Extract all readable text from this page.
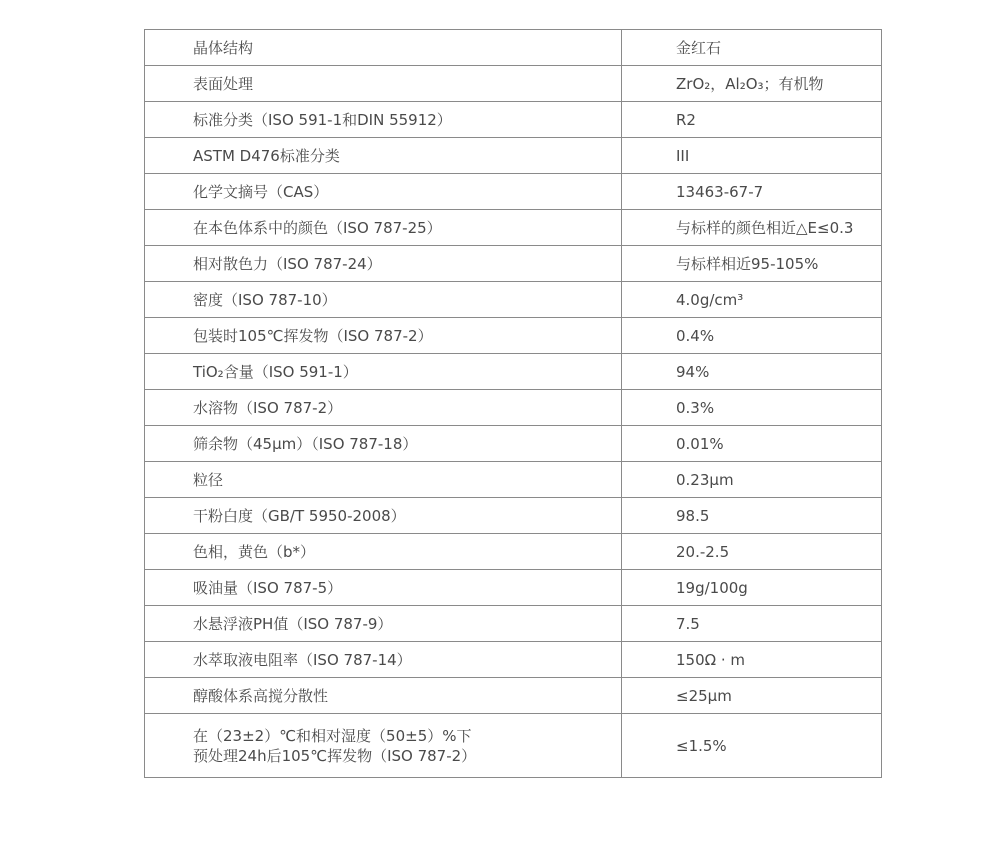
晶体结构	金红石
表面处理	ZrO₂，Al₂O₃；有机物
标准分类（ISO 591-1和DIN 55912）	R2
ASTM D476标准分类	III
化学文摘号（CAS）	13463-67-7
在本色体系中的颜色（ISO 787-25）	与标样的颜色相近△E≤0.3
相对散色力（ISO 787-24）	与标样相近95-105%
密度（ISO 787-10）	4.0g/cm³
包装时105℃挥发物（ISO 787-2）	0.4%
TiO₂含量（ISO 591-1）	94%
水溶物（ISO 787-2）	0.3%
筛余物（45μm）（ISO 787-18）	0.01%
粒径	0.23μm
干粉白度（GB/T 5950-2008）	98.5
色相，黄色（b*）	20.-2.5
吸油量（ISO 787-5）	19g/100g
水悬浮液PH值（ISO 787-9）	7.5
水萃取液电阻率（ISO 787-14）	150Ω · m
醇酸体系高搅分散性	≤25μm

在（23±2）℃和相对湿度（50±5）%下
预处理24h后105℃挥发物（ISO 787-2）	≤1.5%
